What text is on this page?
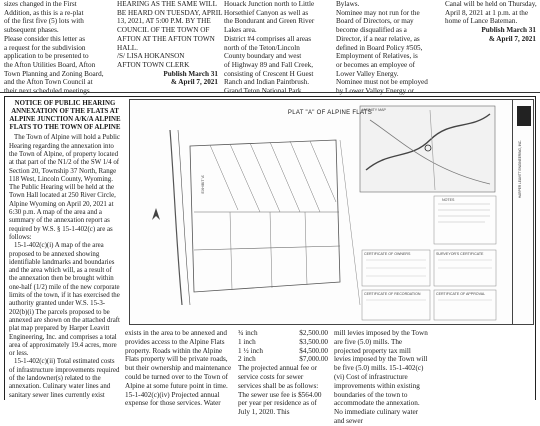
sizes changed in the First
Addition, as this is a re-plat
of the first five (5) lots with
subsequent phases.
Please consider this letter as
a request for the subdivision
application to be presented to
the Afton Utilities Board, Afton
Town Planning and Zoning Board,
and the Afton Town Council at
HEARING AS THE SAME WILL
BE HEARD ON TUESDAY, APRIL
13, 2021, AT 5:00 P.M. BY THE
COUNCIL OF THE TOWN OF
AFTON AT THE AFTON TOWN
HALL.
/S/ LISA HOKANSON
AFTON TOWN CLERK
Publish March 31
& April 7, 2021
Houack Junction north to Little
Horsethief Canyon as well as
the Bondurant and Green River
Lakes area.
District #4 comprises all areas
north of the Teton/Lincoln
County boundary and west
of Highway 89 and Fall Creek,
consisting of Crescent H Guest
Ranch and Indian Paintbrush.
Bylaws.
Nominee may not run for the
Board of Directors, or may
become disqualified as a
Director, if a near relative, as
defined in Board Policy #505,
Employment of Relatives, is
or becomes an employee of
Lower Valley Energy.
Nominee must not be employed
Canal will be held on Thursday,
April 8, 2021 at 1 p.m. at the
home of Lance Bateman.
Publish March 31
& April 7, 2021
NOTICE OF PUBLIC HEARING ANNEXATION OF THE FLATS AT ALPINE JUNCTION A/K/A ALPINE FLATS TO THE TOWN OF ALPINE

The Town of Alpine will hold a Public Hearing regarding the annexation into the Town of Alpine, of property located at that part of the N1/2 of the SW 1/4 of Section 20, Township 37 North, Range 118 West, Lincoln County, Wyoming. The Public Hearing will be held at the Town Hall located at 250 River Circle, Alpine Wyoming on April 20, 2021 at 6:30 p.m. A map of the area and a summary of the annexation report as required by W.S. § 15-1-402(c) are as follows:

15-1-402(c)(i) A map of the area proposed to be annexed showing identifiable landmarks and boundaries and the area which will, as a result of the annexation then be brought within one-half (1/2) mile of the new corporate limits of the town, if it has exercised the authority granted under W.S. 15-3-202(b)(i) The parcels proposed to be annexed are shown on the attached draft plat map prepared by Harper Leavitt Engineering, Inc. and comprises a total area of approximately 19.4 acres, more or less.

15-1-402(c)(ii) Total estimated costs of infrastructure improvements required of the landowner(s) related to the annexation. Culinary water lines and sanitary sewer lines currently exist

PLAT "A" OF ALPINE FLATS
NOTES
CERTIFICATE OF OWNERS	SURVEYOR'S CERTIFICATE
CERTIFICATE OF RECORDATION	CERTIFICATE OF APPROVAL
VICINITY MAP
EXHIBIT 'A'	HARPER LEAVITT ENGINEERING, INC.

exists in the area to be annexed and provides access to the Alpine Flats property. Roads within the Alpine Flats property will be private roads, but their ownership and maintenance could be turned over to the Town of Alpine at some future point in time. 15-1-402(c)(iv) Projected annual expense for those services. Water

¾ inch	$2,500.00
1 inch	$3,500.00
1 ½ inch	$4,500.00
2 inch	$7,000.00

The projected annual fee or service costs for sewer services shall be as follows: The sewer use fee is $564.00 per year per residence as of July 1, 2020. This

mill levies imposed by the Town are five (5.0) mills. The projected property tax mill levies imposed by the Town will be five (5.0) mills. 15-1-402(c)(vi) Cost of infrastructure improvements within existing boundaries of the town to accommodate the annexation. No immediate culinary water and sewer
